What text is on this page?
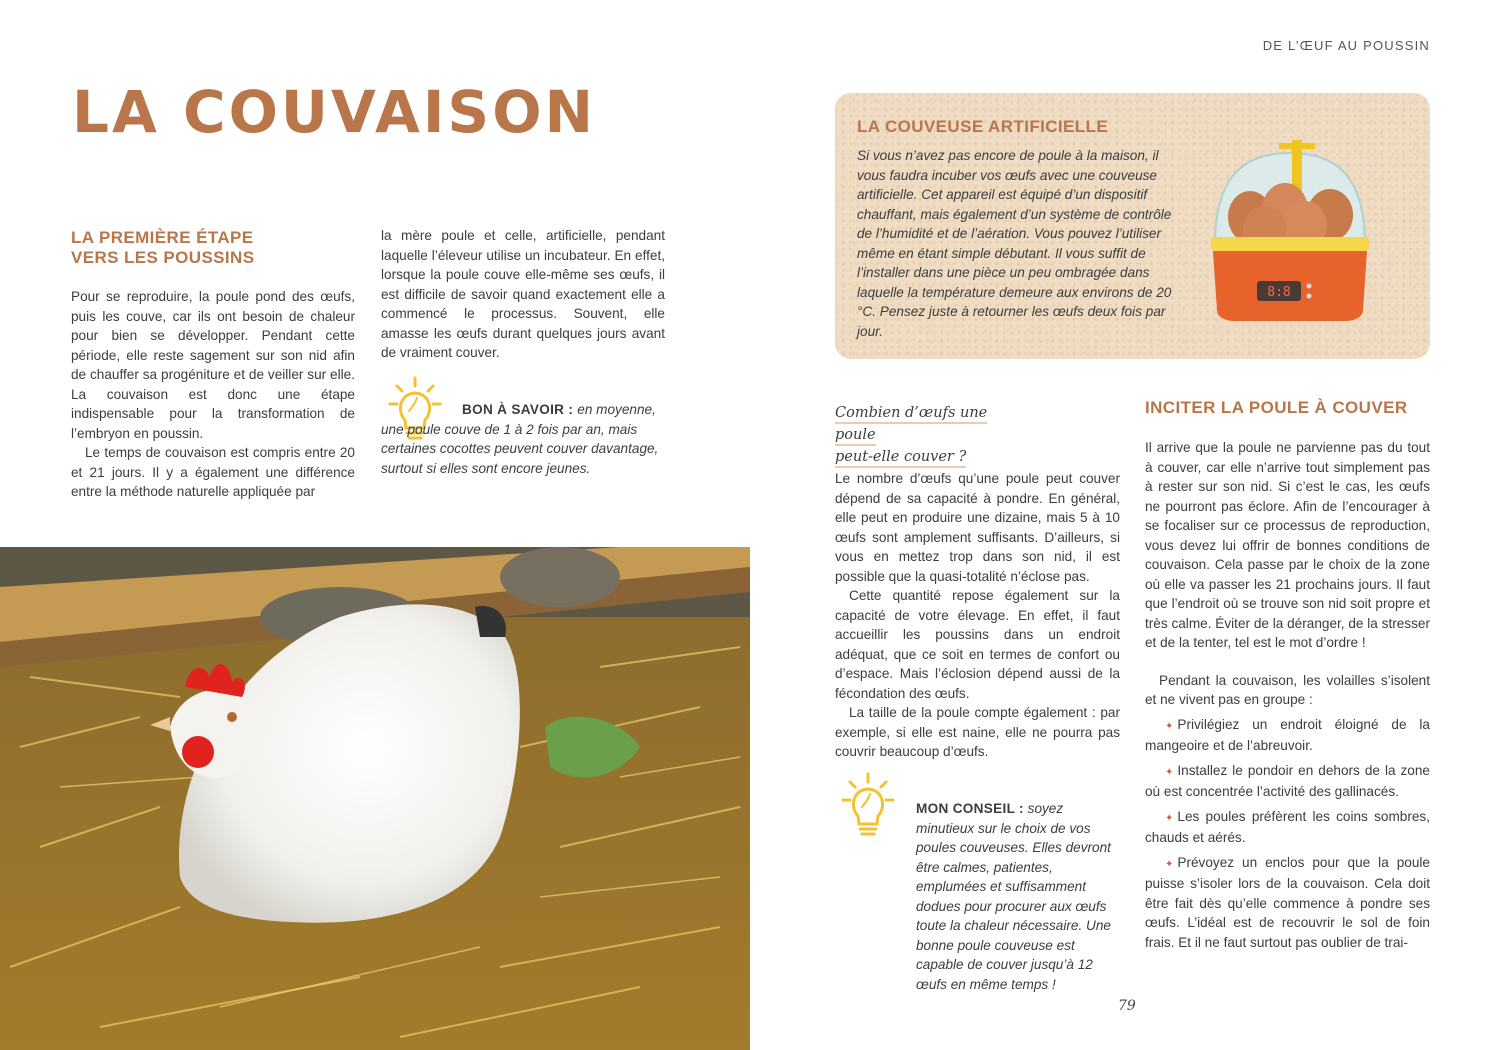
DE L’ŒUF AU POUSSIN
LA COUVAISON
LA PREMIÈRE ÉTAPE
VERS LES POUSSINS

Pour se reproduire, la poule pond des œufs, puis les couve, car ils ont besoin de chaleur pour bien se développer. Pendant cette période, elle reste sagement sur son nid afin de chauffer sa progéniture et de veiller sur elle. La couvaison est donc une étape indispensable pour la transformation de l’embryon en poussin.

Le temps de couvaison est compris entre 20 et 21 jours. Il y a également une différence entre la méthode naturelle appliquée par

la mère poule et celle, artificielle, pendant laquelle l’éleveur utilise un incubateur. En effet, lorsque la poule couve elle-même ses œufs, il est difficile de savoir quand exactement elle a commencé le processus. Souvent, elle amasse les œufs durant quelques jours avant de vraiment couver.

BON À SAVOIR : en moyenne, une poule couve de 1 à 2 fois par an, mais certaines cocottes peuvent couver davantage, surtout si elles sont encore jeunes.
LA COUVEUSE ARTIFICIELLE
Si vous n’avez pas encore de poule à la maison, il vous faudra incuber vos œufs avec une couveuse artificielle. Cet appareil est équipé d’un dispositif chauffant, mais également d’un système de contrôle de l’humidité et de l’aération. Vous pouvez l’utiliser même en étant simple débutant. Il vous suffit de l’installer dans une pièce un peu ombragée dans laquelle la température demeure aux environs de 20 °C. Pensez juste à retourner les œufs deux fois par jour.
8:8
Combien d’œufs une poule
peut-elle couver ?

Le nombre d’œufs qu’une poule peut couver dépend de sa capacité à pondre. En général, elle peut en produire une dizaine, mais 5 à 10 œufs sont amplement suffisants. D’ailleurs, si vous en mettez trop dans son nid, il est possible que la quasi-totalité n’éclose pas.

Cette quantité repose également sur la capacité de votre élevage. En effet, il faut accueillir les poussins dans un endroit adéquat, que ce soit en termes de confort ou d’espace. Mais l’éclosion dépend aussi de la fécondation des œufs.

La taille de la poule compte également : par exemple, si elle est naine, elle ne pourra pas couvrir beaucoup d’œufs.

MON CONSEIL : soyez minutieux sur le choix de vos poules couveuses. Elles devront être calmes, patientes, emplumées et suffisamment dodues pour procurer aux œufs toute la chaleur nécessaire. Une bonne poule couveuse est capable de couver jusqu’à 12 œufs en même temps !
INCITER LA POULE À COUVER

Il arrive que la poule ne parvienne pas du tout à couver, car elle n’arrive tout simplement pas à rester sur son nid. Si c’est le cas, les œufs ne pourront pas éclore. Afin de l’encourager à se focaliser sur ce processus de reproduction, vous devez lui offrir de bonnes conditions de couvaison. Cela passe par le choix de la zone où elle va passer les 21 prochains jours. Il faut que l’endroit où se trouve son nid soit propre et très calme. Éviter de la déranger, de la stresser et de la tenter, tel est le mot d’ordre !

Pendant la couvaison, les volailles s’isolent et ne vivent pas en groupe :

✦ Privilégiez un endroit éloigné de la mangeoire et de l’abreuvoir.
✦ Installez le pondoir en dehors de la zone où est concentrée l’activité des gallinacés.
✦ Les poules préfèrent les coins sombres, chauds et aérés.
✦ Prévoyez un enclos pour que la poule puisse s’isoler lors de la couvaison. Cela doit être fait dès qu’elle commence à pondre ses œufs. L’idéal est de recouvrir le sol de foin frais. Et il ne faut surtout pas oublier de trai-
79
